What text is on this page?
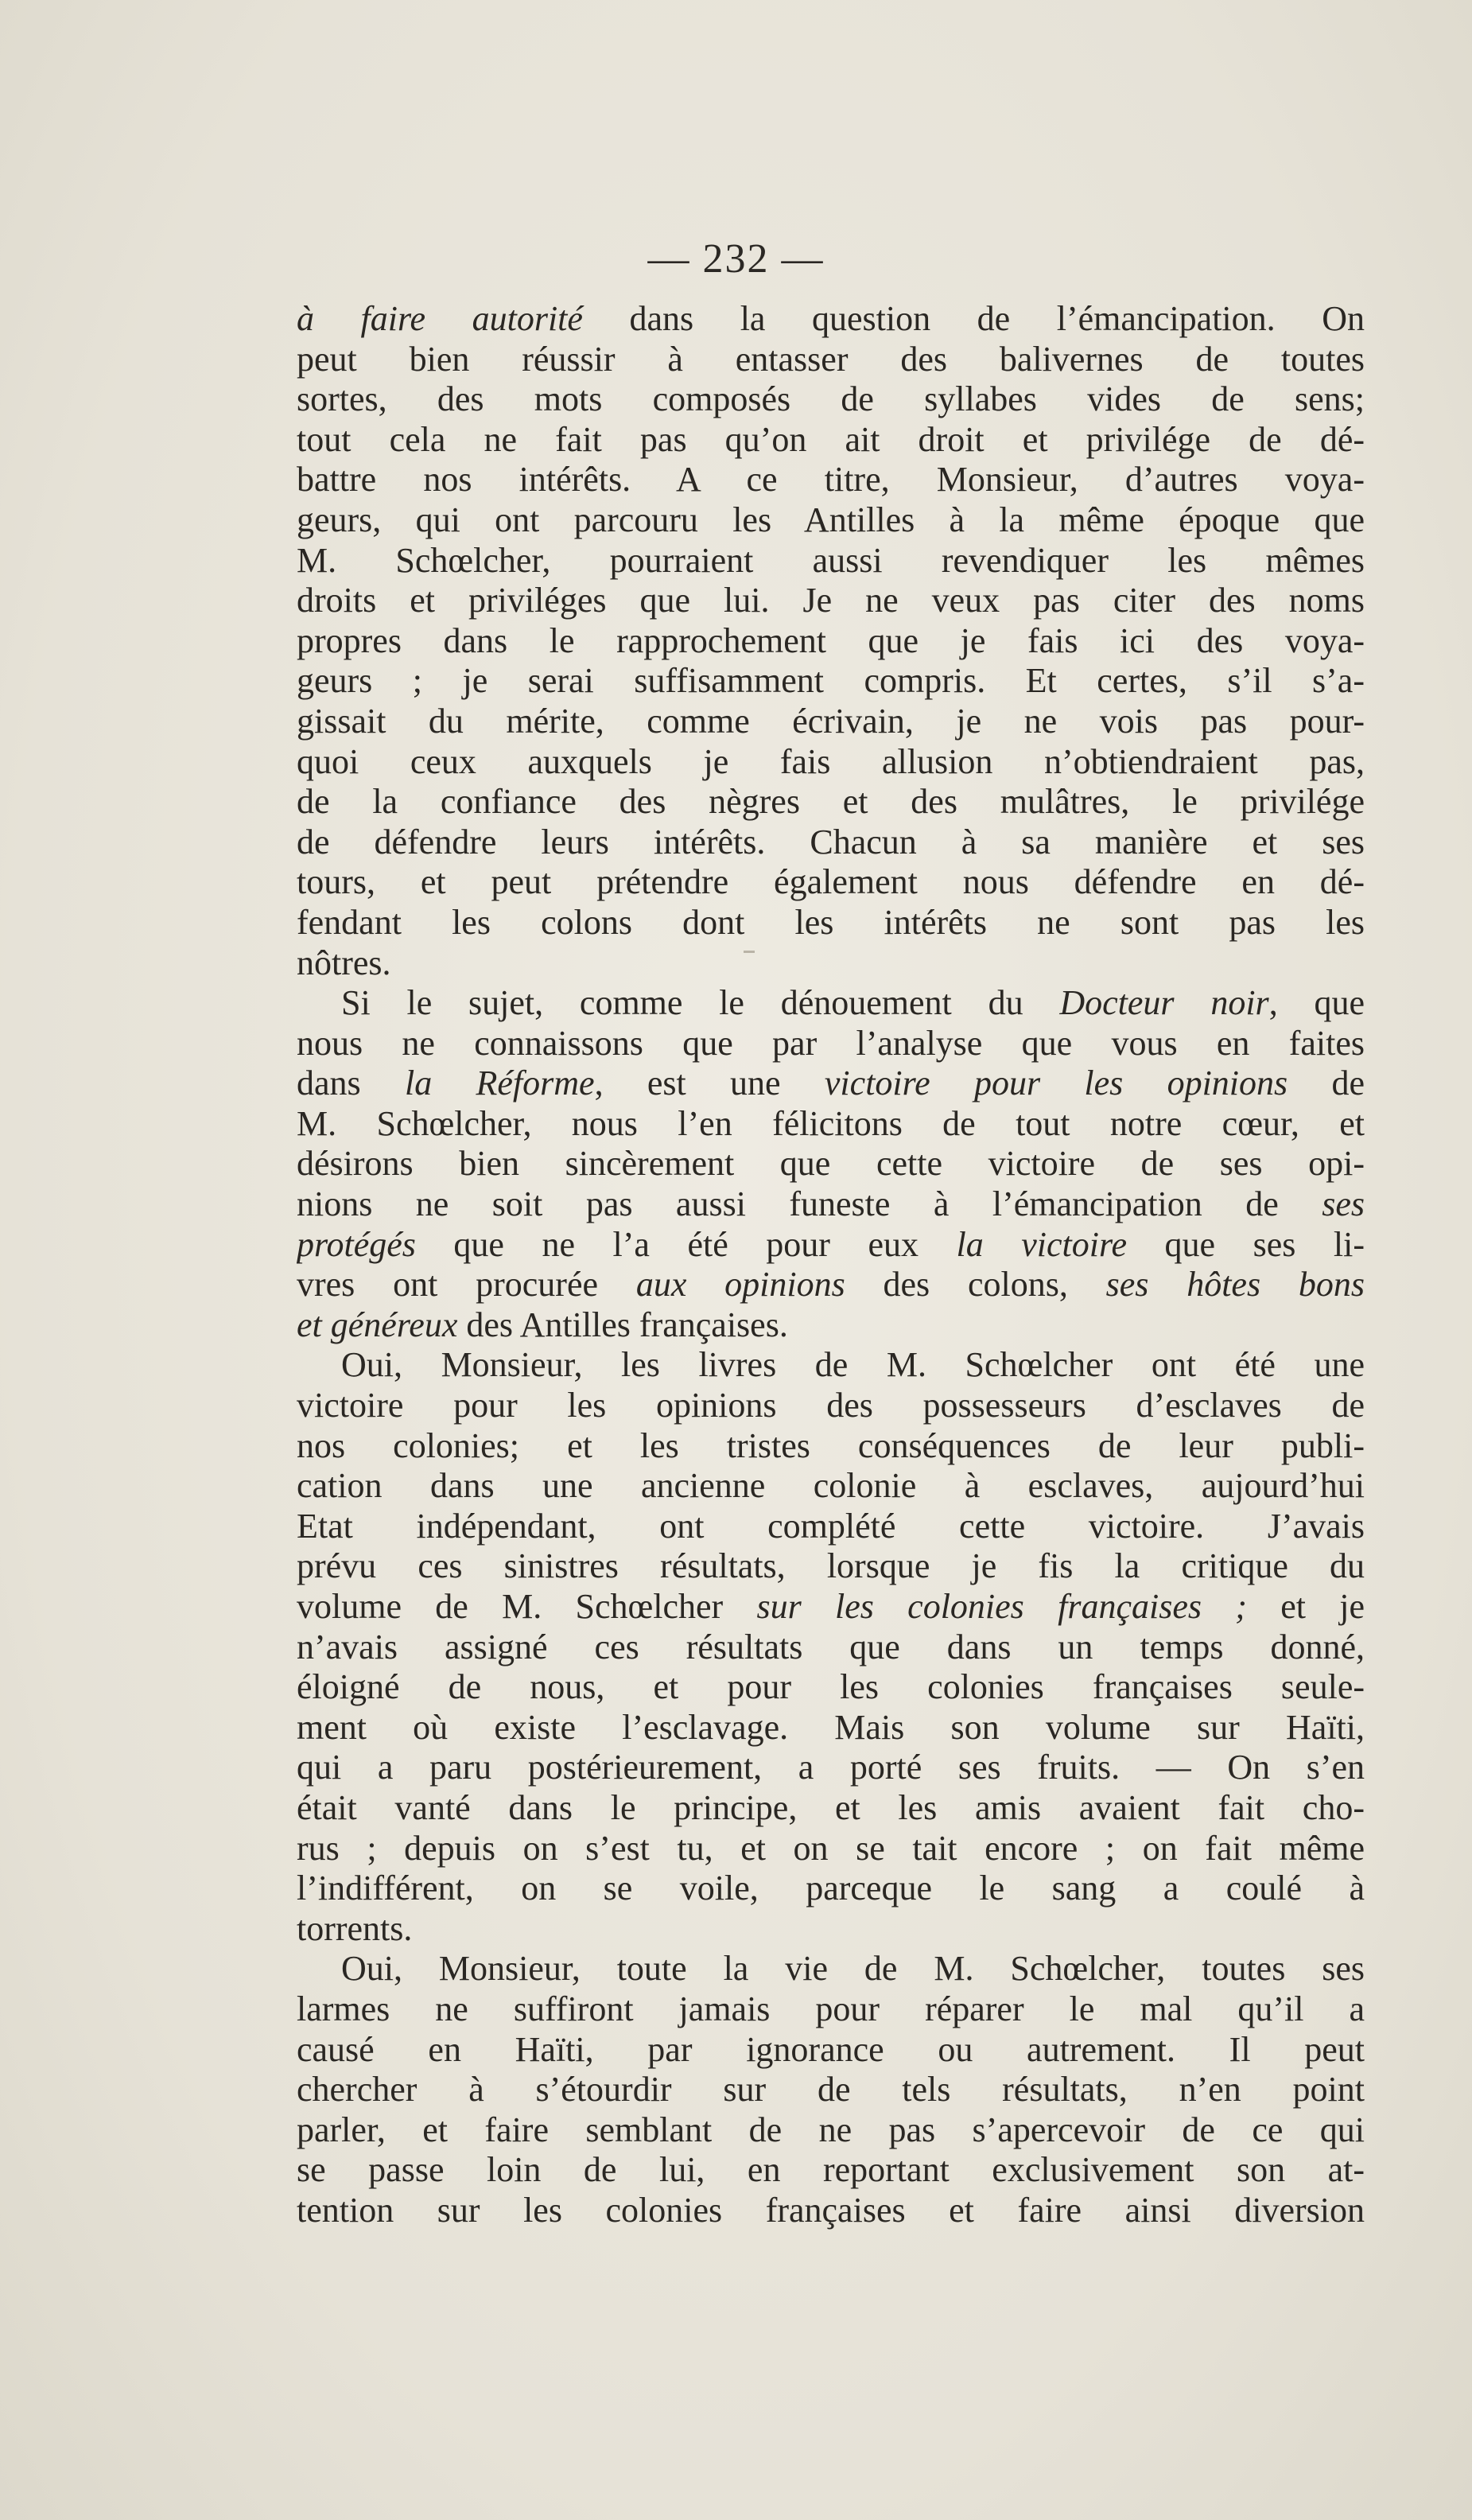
— 232 —
à faire autorité dans la question de l’émancipation. On
peut bien réussir à entasser des balivernes de toutes
sortes, des mots composés de syllabes vides de sens;
tout cela ne fait pas qu’on ait droit et privilége de dé-
battre nos intérêts. A ce titre, Monsieur, d’autres voya-
geurs, qui ont parcouru les Antilles à la même époque que
M. Schœlcher, pourraient aussi revendiquer les mêmes
droits et priviléges que lui. Je ne veux pas citer des noms
propres dans le rapprochement que je fais ici des voya-
geurs ; je serai suffisamment compris. Et certes, s’il s’a-
gissait du mérite, comme écrivain, je ne vois pas pour-
quoi ceux auxquels je fais allusion n’obtiendraient pas,
de la confiance des nègres et des mulâtres, le privilége
de défendre leurs intérêts. Chacun à sa manière et ses
tours, et peut prétendre également nous défendre en dé-
fendant les colons dont les intérêts ne sont pas les
nôtres.
Si le sujet, comme le dénouement du Docteur noir, que
nous ne connaissons que par l’analyse que vous en faites
dans la Réforme, est une victoire pour les opinions de
M. Schœlcher, nous l’en félicitons de tout notre cœur, et
désirons bien sincèrement que cette victoire de ses opi-
nions ne soit pas aussi funeste à l’émancipation de ses
protégés que ne l’a été pour eux la victoire que ses li-
vres ont procurée aux opinions des colons, ses hôtes bons
et généreux des Antilles françaises.
Oui, Monsieur, les livres de M. Schœlcher ont été une
victoire pour les opinions des possesseurs d’esclaves de
nos colonies; et les tristes conséquences de leur publi-
cation dans une ancienne colonie à esclaves, aujourd’hui
Etat indépendant, ont complété cette victoire. J’avais
prévu ces sinistres résultats, lorsque je fis la critique du
volume de M. Schœlcher sur les colonies françaises ; et je
n’avais assigné ces résultats que dans un temps donné,
éloigné de nous, et pour les colonies françaises seule-
ment où existe l’esclavage. Mais son volume sur Haïti,
qui a paru postérieurement, a porté ses fruits. — On s’en
était vanté dans le principe, et les amis avaient fait cho-
rus ; depuis on s’est tu, et on se tait encore ; on fait même
l’indifférent, on se voile, parceque le sang a coulé à
torrents.
Oui, Monsieur, toute la vie de M. Schœlcher, toutes ses
larmes ne suffiront jamais pour réparer le mal qu’il a
causé en Haïti, par ignorance ou autrement. Il peut
chercher à s’étourdir sur de tels résultats, n’en point
parler, et faire semblant de ne pas s’apercevoir de ce qui
se passe loin de lui, en reportant exclusivement son at-
tention sur les colonies françaises et faire ainsi diversion
